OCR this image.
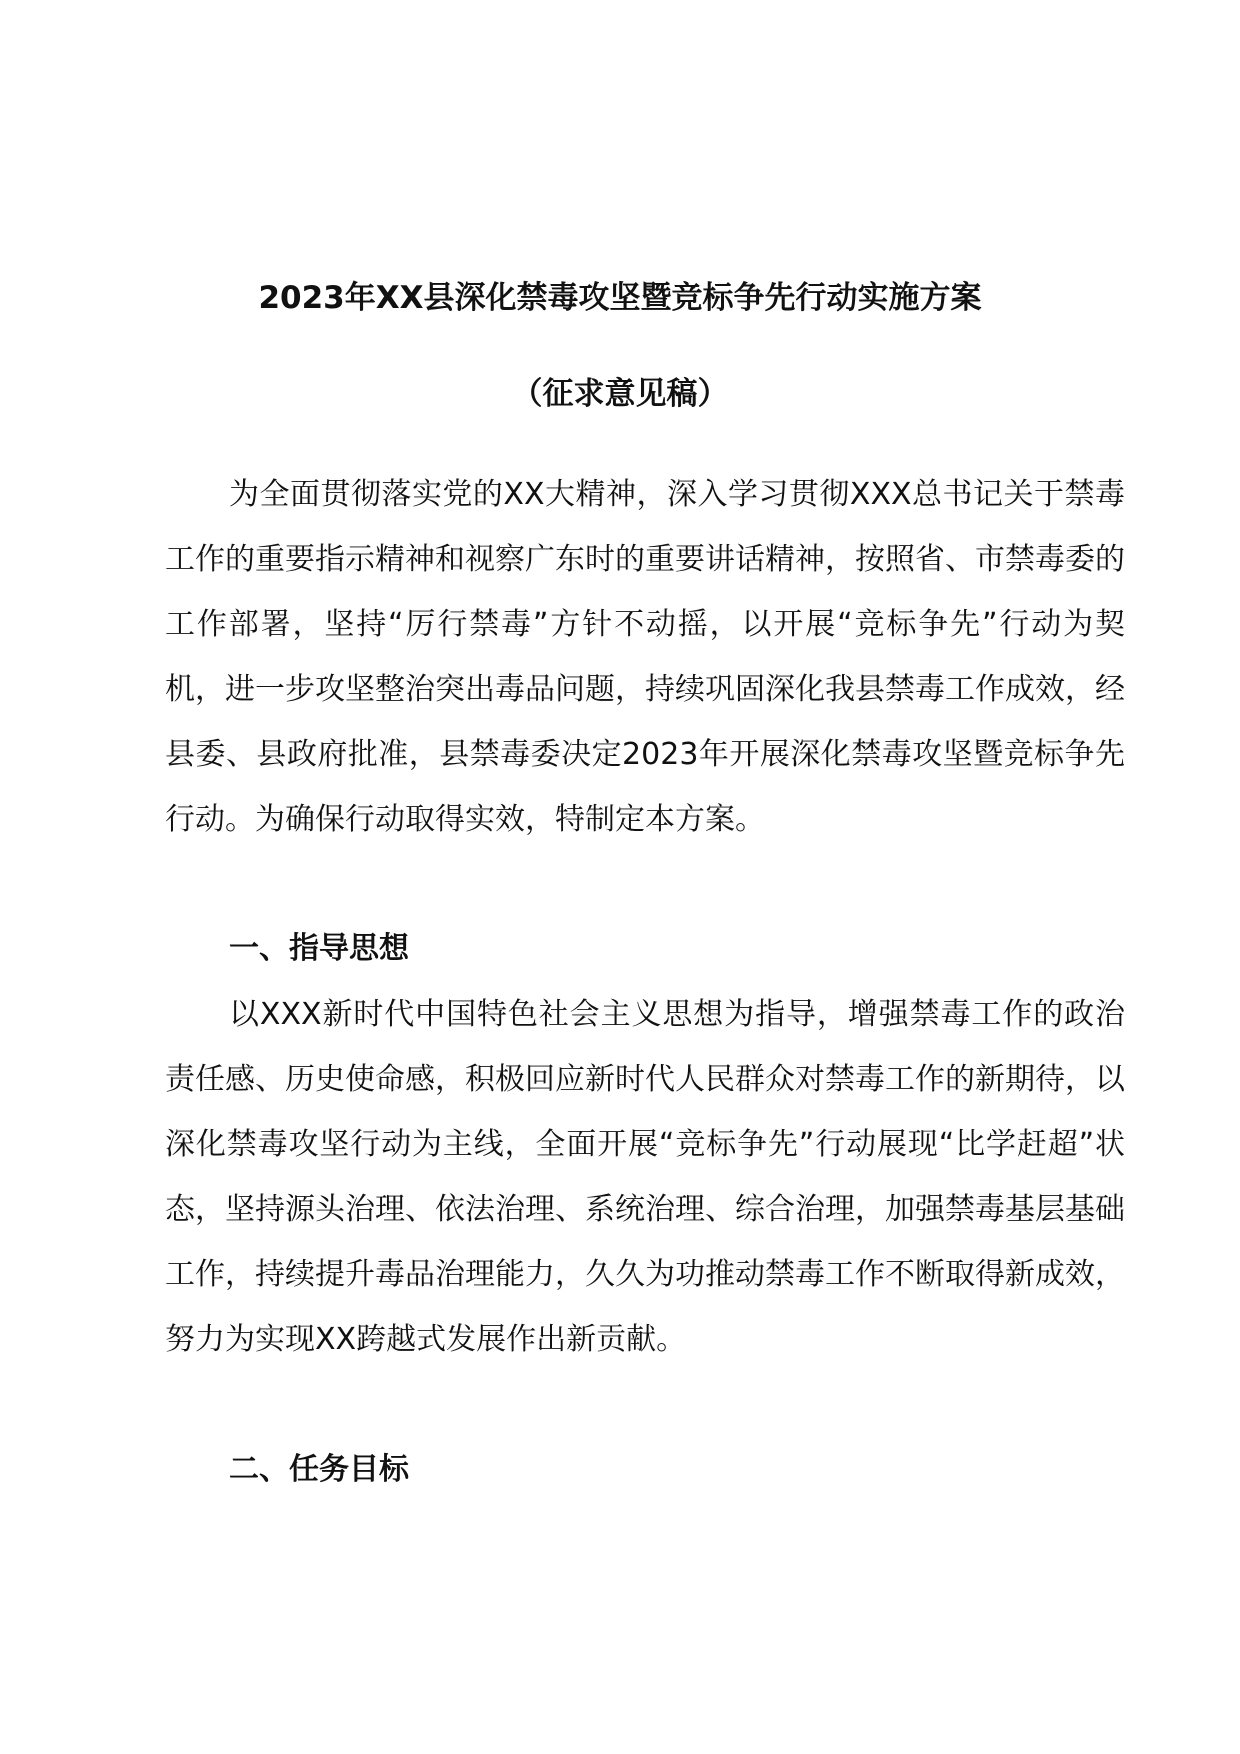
2023年XX县深化禁毒攻坚暨竞标争先行动实施方案
（征求意见稿）

为全面贯彻落实党的XX大精神，深入学习贯彻XXX总书记关于禁毒工作的重要指示精神和视察广东时的重要讲话精神，按照省、市禁毒委的工作部署，坚持“厉行禁毒”方针不动摇，以开展“竞标争先”行动为契机，进一步攻坚整治突出毒品问题，持续巩固深化我县禁毒工作成效，经县委、县政府批准，县禁毒委决定2023年开展深化禁毒攻坚暨竞标争先行动。为确保行动取得实效，特制定本方案。

一、指导思想

以XXX新时代中国特色社会主义思想为指导，增强禁毒工作的政治责任感、历史使命感，积极回应新时代人民群众对禁毒工作的新期待，以深化禁毒攻坚行动为主线，全面开展“竞标争先”行动展现“比学赶超”状态，坚持源头治理、依法治理、系统治理、综合治理，加强禁毒基层基础工作，持续提升毒品治理能力，久久为功推动禁毒工作不断取得新成效，努力为实现XX跨越式发展作出新贡献。

二、任务目标
